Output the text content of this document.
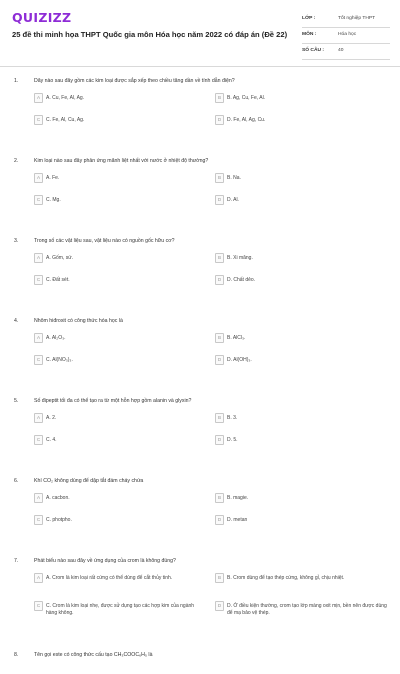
QUIZIZZ
25 đề thi minh họa THPT Quốc gia môn Hóa học năm 2022 có đáp án (Đề 22)
LỚP :	Tốt nghiệp THPT
MÔN :	Hóa học
SỐ CÂU :	40
1.	Dãy nào sau đây gồm các kim loại được sắp xếp theo chiều tăng dần về tính dẫn điện?
A	A. Cu, Fe, Al, Ag.	B	B. Ag, Cu, Fe, Al.
C	C. Fe, Al, Cu, Ag.	D	D. Fe, Al, Ag, Cu.
2.	Kim loại nào sau đây phản ứng mãnh liệt nhất với nước ở nhiệt độ thường?
A	A. Fe.	B	B. Na.
C	C. Mg.	D	D. Al.
3.	Trong số các vật liệu sau, vật liệu nào có nguồn gốc hữu cơ?
A	A. Gốm, sứ.	B	B. Xi măng.
C	C. Đất sét.	D	D. Chất dẻo.
4.	Nhôm hiđroxit có công thức hóa học là
A	A. Al₂O₃.	B	B. AlCl₃.
C	C. Al(NO₃)₃.	D	D. Al(OH)₃.
5.	Số đipeptit tối đa có thể tạo ra từ một hỗn hợp gồm alanin và glyxin?
A	A. 2.	B	B. 3.
C	C. 4.	D	D. 5.
6.	Khí CO₂ không dùng để dập tắt đám cháy chứa
A	A. cacbon.	B	B. magie.
C	C. photpho.	D	D. metan
7.	Phát biểu nào sau đây về ứng dụng của crom là không đúng?
A	A. Crom là kim loại rất cứng có thể dùng để cắt thủy tinh.	B	B. Crom dùng để tạo thép cứng, không gỉ, chịu nhiệt.
C	C. Crom là kim loại nhẹ, được sử dụng tạo các hợp kim của ngành hàng không.
D	D. Ở điều kiện thường, crom tạo lớp màng oxit mịn, bền nên được dùng để mạ bảo vệ thép.
8.	Tên gọi este có công thức cấu tạo CH₃COOC₆H₅ là
